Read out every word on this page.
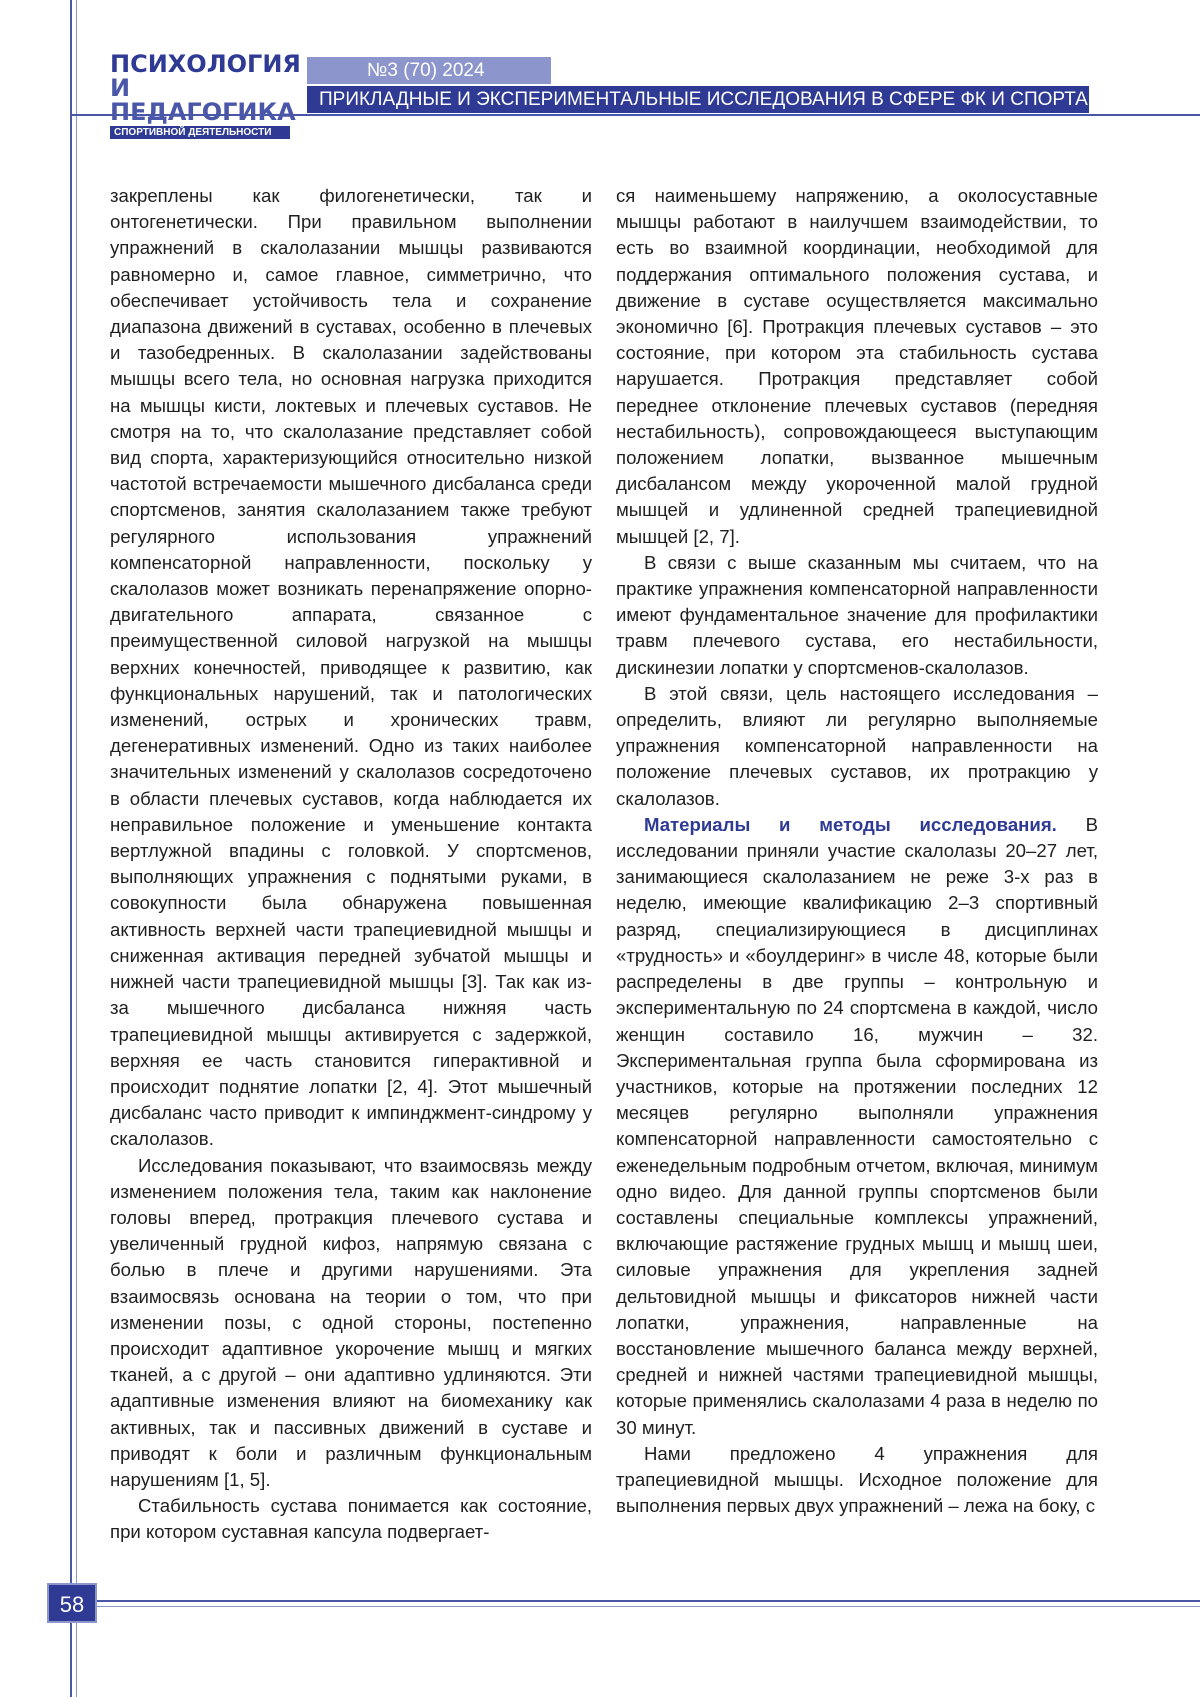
ПСИХОЛОГИЯ
И ПЕДАГОГИКА
СПОРТИВНОЙ ДЕЯТЕЛЬНОСТИ
№3 (70) 2024
ПРИКЛАДНЫЕ И ЭКСПЕРИМЕНТАЛЬНЫЕ ИССЛЕДОВАНИЯ В СФЕРЕ ФК И СПОРТА

закреплены как филогенетически, так и онтогенетически. При правильном выполнении упражнений в скалолазании мышцы развиваются равномерно и, самое главное, симметрично, что обеспечивает устойчивость тела и сохранение диапазона движений в суставах, особенно в плечевых и тазобедренных. В скалолазании задействованы мышцы всего тела, но основная нагрузка приходится на мышцы кисти, локтевых и плечевых суставов. Не смотря на то, что скалолазание представляет собой вид спорта, характеризующийся относительно низкой частотой встречаемости мышечного дисбаланса среди спортсменов, занятия скалолазанием также требуют регулярного использования упражнений компенсаторной направленности, поскольку у скалолазов может возникать перенапряжение опорно-двигательного аппарата, связанное с преимущественной силовой нагрузкой на мышцы верхних конечностей, приводящее к развитию, как функциональных нарушений, так и патологических изменений, острых и хронических травм, дегенеративных изменений. Одно из таких наиболее значительных изменений у скалолазов сосредоточено в области плечевых суставов, когда наблюдается их неправильное положение и уменьшение контакта вертлужной впадины с головкой. У спортсменов, выполняющих упражнения с поднятыми руками, в совокупности была обнаружена повышенная активность верхней части трапециевидной мышцы и сниженная активация передней зубчатой мышцы и нижней части трапециевидной мышцы [3]. Так как из-за мышечного дисбаланса нижняя часть трапециевидной мышцы активируется с задержкой, верхняя ее часть становится гиперактивной и происходит поднятие лопатки [2, 4]. Этот мышечный дисбаланс часто приводит к импинджмент-синдрому у скалолазов.

Исследования показывают, что взаимосвязь между изменением положения тела, таким как наклонение головы вперед, протракция плечевого сустава и увеличенный грудной кифоз, напрямую связана с болью в плече и другими нарушениями. Эта взаимосвязь основана на теории о том, что при изменении позы, с одной стороны, постепенно происходит адаптивное укорочение мышц и мягких тканей, а с другой – они адаптивно удлиняются. Эти адаптивные изменения влияют на биомеханику как активных, так и пассивных движений в суставе и приводят к боли и различным функциональным нарушениям [1, 5].

Стабильность сустава понимается как состояние, при котором суставная капсула подвергает-

ся наименьшему напряжению, а околосуставные мышцы работают в наилучшем взаимодействии, то есть во взаимной координации, необходимой для поддержания оптимального положения сустава, и движение в суставе осуществляется максимально экономично [6]. Протракция плечевых суставов – это состояние, при котором эта стабильность сустава нарушается. Протракция представляет собой переднее отклонение плечевых суставов (передняя нестабильность), сопровождающееся выступающим положением лопатки, вызванное мышечным дисбалансом между укороченной малой грудной мышцей и удлиненной средней трапециевидной мышцей [2, 7].

В связи с выше сказанным мы считаем, что на практике упражнения компенсаторной направленности имеют фундаментальное значение для профилактики травм плечевого сустава, его нестабильности, дискинезии лопатки у спортсменов-скалолазов.

В этой связи, цель настоящего исследования – определить, влияют ли регулярно выполняемые упражнения компенсаторной направленности на положение плечевых суставов, их протракцию у скалолазов.

Материалы и методы исследования. В исследовании приняли участие скалолазы 20–27 лет, занимающиеся скалолазанием не реже 3-х раз в неделю, имеющие квалификацию 2–3 спортивный разряд, специализирующиеся в дисциплинах «трудность» и «боулдеринг» в числе 48, которые были распределены в две группы – контрольную и экспериментальную по 24 спортсмена в каждой, число женщин составило 16, мужчин – 32. Экспериментальная группа была сформирована из участников, которые на протяжении последних 12 месяцев регулярно выполняли упражнения компенсаторной направленности самостоятельно с еженедельным подробным отчетом, включая, минимум одно видео. Для данной группы спортсменов были составлены специальные комплексы упражнений, включающие растяжение грудных мышц и мышц шеи, силовые упражнения для укрепления задней дельтовидной мышцы и фиксаторов нижней части лопатки, упражнения, направленные на восстановление мышечного баланса между верхней, средней и нижней частями трапециевидной мышцы, которые применялись скалолазами 4 раза в неделю по 30 минут.

Нами предложено 4 упражнения для трапециевидной мышцы. Исходное положение для выполнения первых двух упражнений – лежа на боку, с

58
